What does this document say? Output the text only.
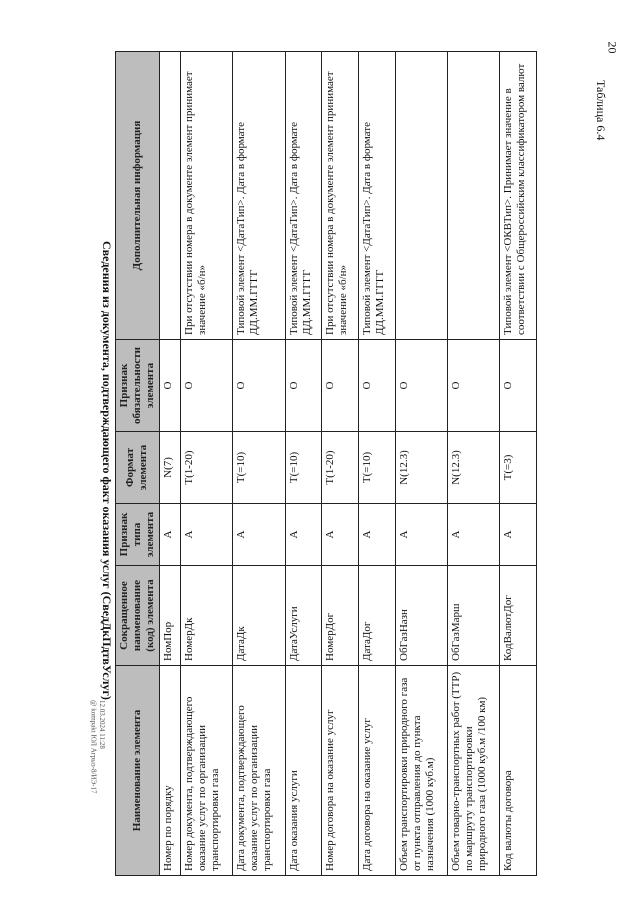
20
Таблица 6.4
Сведения из документа, подтверждающего факт оказания услуг (СведДкПдтвУслуг)
12.03.2024 11:28
@ kompakt ЮЛ Агрыз-8/ИЭ-17	Наименование элемента	Сокращенное наименование (код) элемента	Признак типа элемента	Формат элемента	Признак обязательности элемента	Дополнительная информация
Номер по порядку	НомПор	А	N(7)	О	
Номер документа, подтверждающего оказание услуг по организации транспортировки газа	НомерДк	А	T(1-20)	О	При отсутствии номера в документе элемент принимает значение «б/н»
Дата документа, подтверждающего оказание услуг по организации транспортировки газа	ДатаДк	А	T(=10)	О	Типовой элемент <ДатаТип>. Дата в формате ДД.ММ.ГГГГ
Дата оказания услуги	ДатаУслуги	А	T(=10)	О	Типовой элемент <ДатаТип>. Дата в формате ДД.ММ.ГГГГ
Номер договора на оказание услуг	НомерДог	А	T(1-20)	О	При отсутствии номера в документе элемент принимает значение «б/н»
Дата договора на оказание услуг	ДатаДог	А	T(=10)	О	Типовой элемент <ДатаТип>. Дата в формате ДД.ММ.ГГГГ
Объем транспортировки природного газа от пункта отправления до пункта назначения (1000 куб.м)	ОбГазНазн	А	N(12.3)	О	
Объем товарно-транспортных работ (ТТР) по маршруту транспортировки природного газа (1000 куб.м /100 км)	ОбГазМарш	А	N(12.3)	О	
Код валюты договора	КодВалютДог	А	T(=3)	О	Типовой элемент <ОКВТип>. Принимает значение в соответствии с Общероссийским классификатором валют
